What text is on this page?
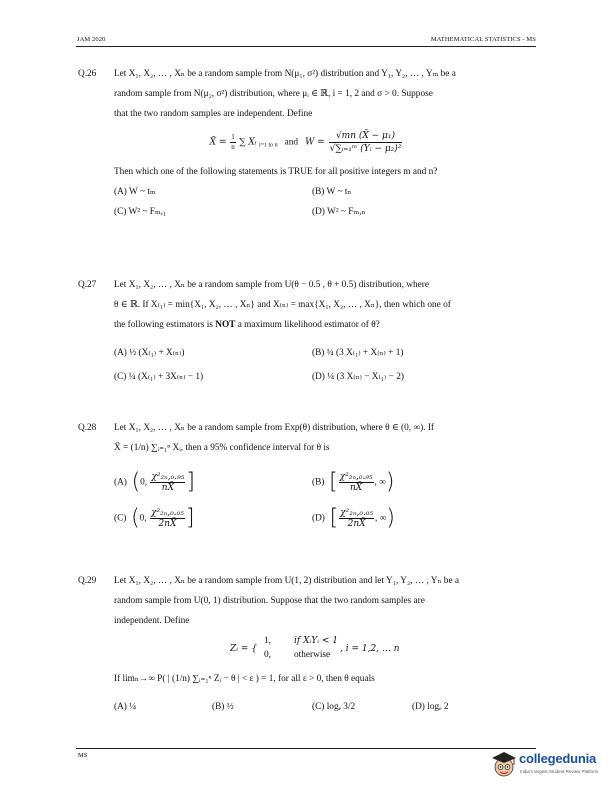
JAM 2020	MATHEMATICAL STATISTICS - MS
Q.26 Let X₁, X₂, … , Xₙ be a random sample from N(μ₁, σ²) distribution and Y₁, Y₂, … , Yₘ be a
random sample from N(μ₂, σ²) distribution, where μᵢ ∈ ℝ, i = 1, 2 and σ > 0. Suppose
that the two random samples are independent. Define
X̄ = $\frac{1}{n}$ ∑ Xᵢ $_{i=1 to n}$ and $W = \frac{\text{√mn (X̄ − μ₁)}}{\text{√∑ᵢ₌₁ᵐ (Yᵢ − μ₂)²}}$
Then which one of the following statements is TRUE for all positive integers m and n?
(A) W ~ tₘ	(B) W ~ tₙ
(C) W² ~ Fₘ,₁	(D) W² ~ Fₘ,ₙ
Q.27 Let X₁, X₂, … , Xₙ be a random sample from U(θ − 0.5 , θ + 0.5) distribution, where
θ ∈ ℝ. If X₍₁₎ = min{X₁, X₂, … , Xₙ} and X₍ₙ₎ = max{X₁, X₂, … , Xₙ}, then which one of
the following estimators is NOT a maximum likelihood estimator of θ?
(A) ½ (X₍₁₎ + X₍ₙ₎)	(B) ¼ (3 X₍₁₎ + X₍ₙ₎ + 1)
(C) ¼ (X₍₁₎ + 3X₍ₙ₎ − 1)	(D) ¼ (3 X₍ₙ₎ − X₍₁₎ − 2)
Q.28 Let X₁, X₂, … , Xₙ be a random sample from Exp(θ) distribution, where θ ∈ (0, ∞). If
X̄ = (1/n) ∑ᵢ₌₁ⁿ Xᵢ, then a 95% confidence interval for θ is
(A) (0, $\frac{\text{χ²₂ₙ,₀.₉₅}}{nX̄}$ ]	(B) [ $\frac{\text{χ²₂ₙ,₀.₉₅}}{nX̄}$ , ∞)
(C) (0, $\frac{\text{χ²₂ₙ,₀.₀₅}}{2nX̄}$ ]	(D) [ $\frac{\text{χ²₂ₙ,₀.₀₅}}{2nX̄}$ , ∞)
Q.29 Let X₁, X₂, … , Xₙ be a random sample from U(1, 2) distribution and let Y₁, Y₂, … , Yₙ be a
random sample from U(0, 1) distribution. Suppose that the two random samples are
independent. Define
Zᵢ = {
1,	if XᵢYᵢ < 1
0, otherwise
, i = 1,2, … n
If limₙ→∞ P( | (1/n) ∑ᵢ₌₁ⁿ Zᵢ − θ | < ε ) = 1, for all ε > 0, then θ equals
(A) ¼	(B) ½	(C) logₑ 3/2	(D) logₑ 2
MS	collegedunia
India's largest Student Review Platform
